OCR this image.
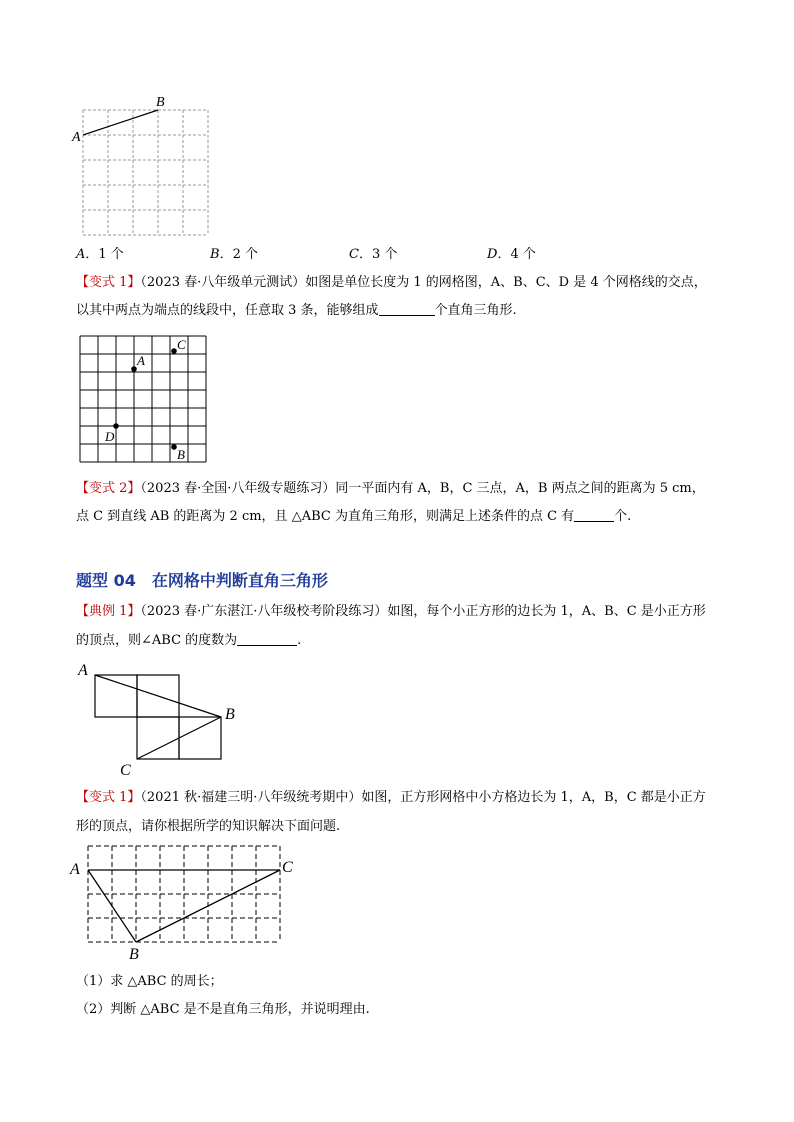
A
B
A．1 个	B．2 个	C．3 个	D．4 个
【变式 1】（2023 春·八年级单元测试）如图是单位长度为 1 的网格图，A、B、C、D 是 4 个网格线的交点，
以其中两点为端点的线段中，任意取 3 条，能够组成	个直角三角形.
A
C
D
B
【变式 2】（2023 春·全国·八年级专题练习）同一平面内有 A，B，C 三点，A，B 两点之间的距离为 5 cm，
点 C 到直线 AB 的距离为 2 cm，且 △ABC 为直角三角形，则满足上述条件的点 C 有	个.
题型 04　在网格中判断直角三角形
【典例 1】（2023 春·广东湛江·八年级校考阶段练习）如图，每个小正方形的边长为 1，A、B、C 是小正方形
的顶点，则∠ABC 的度数为	.
A
B
C
【变式 1】（2021 秋·福建三明·八年级统考期中）如图，正方形网格中小方格边长为 1，A，B，C 都是小正方
形的顶点，请你根据所学的知识解决下面问题.
A	C
B
（1）求 △ABC 的周长；
（2）判断 △ABC 是不是直角三角形，并说明理由.
